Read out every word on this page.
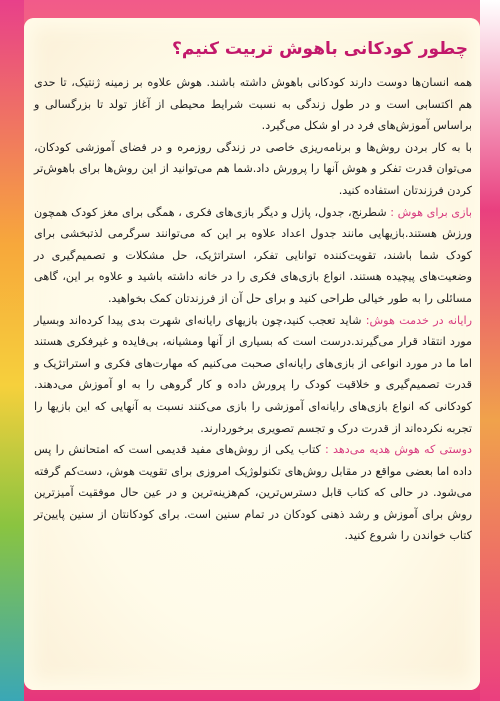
چطور کودکانی باهوش تربیت کنیم؟

همه انسان‌ها دوست دارند کودکانی باهوش داشته باشند. هوش علاوه بر زمینه ژنتیک، تا حدی هم اکتسابی است و در طول زندگی به نسبت شرایط محیطی از آغاز تولد تا بزرگسالی و براساس آموزش‌های فرد در او شکل می‌گیرد.

با به کار بردن روش‌ها و برنامه‌ریزی خاصی در زندگی روزمره و در فضای آموزشی کودکان، می‌توان قدرت تفکر و هوش آنها را پرورش داد.شما هم می‌توانید از این روش‌ها برای باهوش‌تر کردن فرزندتان استفاده کنید.

بازی برای هوش : شطرنج، جدول، پازل و دیگر بازی‌های فکری ، همگی برای مغز کودک همچون ورزش هستند.بازیهایی مانند جدول اعداد علاوه بر این که می‌توانند سرگرمی لذتبخشی برای کودک شما باشند، تقویت‌کننده توانایی تفکر، استراتژیک، حل مشکلات و تصمیم‌گیری در وضعیت‌های پیچیده هستند. انواع بازی‌های فکری را در خانه داشته باشید و علاوه بر این، گاهی مسائلی را به طور خیالی طراحی کنید و برای حل آن از فرزندتان کمک بخواهید.

رایانه در خدمت هوش: شاید تعجب کنید،چون بازیهای رایانه‌ای شهرت بدی پیدا کرده‌اند وبسیار مورد انتقاد قرار می‌گیرند.درست است که بسیاری از آنها ومشیانه، بی‌فایده و غیرفکری هستند اما ما در مورد انواعی از بازی‌های رایانه‌ای صحبت می‌کنیم که مهارت‌های فکری و استراتژیک و قدرت تصمیم‌گیری و خلاقیت کودک را پرورش داده و کار گروهی را به او آموزش می‌دهند. کودکانی که انواع بازی‌های رایانه‌ای آموزشی را بازی می‌کنند نسبت به آنهایی که این بازیها را تجربه نکرده‌اند از قدرت درک و تجسم تصویری برخوردارند.

دوستی که هوش هدیه می‌دهد : کتاب یکی از روش‌های مفید قدیمی است که امتحانش را پس داده اما بعضی مواقع در مقابل روش‌های تکنولوژیک امروزی برای تقویت هوش، دست‌کم گرفته می‌شود. در حالی که کتاب قابل دسترس‌ترین، کم‌هزینه‌ترین و در عین حال موفقیت آمیزترین روش برای آموزش و رشد ذهنی کودکان در تمام سنین است. برای کودکانتان از سنین پایین‌تر کتاب خواندن را شروع کنید.
